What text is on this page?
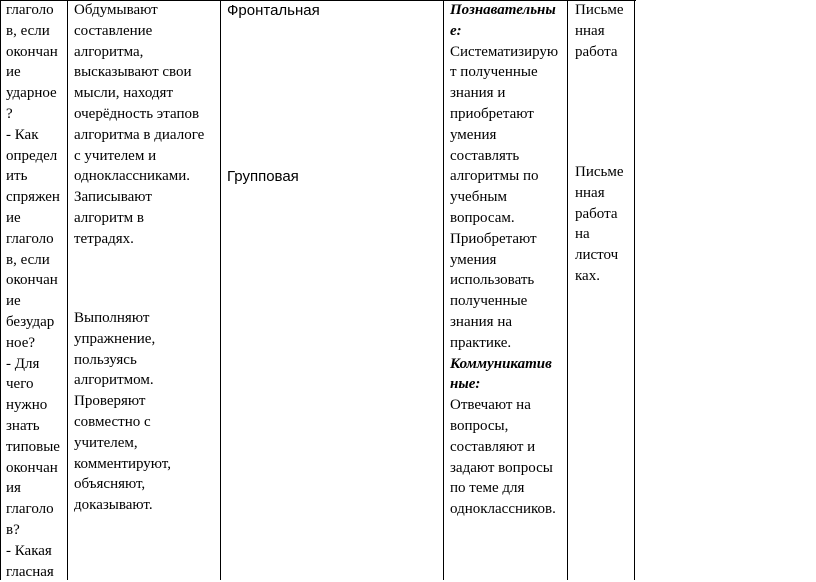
глаголо
в, если
окончан
ие
ударное
?
- Как
определ
ить
спряжен
ие
глаголо
в, если
окончан
ие
безудар
ное?
- Для
чего
нужно
знать
типовые
окончан
ия
глаголо
в?
- Какая
гласная
Обдумывают
составление
алгоритма,
высказывают свои
мысли, находят
очерёдность этапов
алгоритма в диалоге
с учителем и
одноклассниками.
Записывают
алгоритм в
тетрадях.
Выполняют
упражнение,
пользуясь
алгоритмом.
Проверяют
совместно с
учителем,
комментируют,
объясняют,
доказывают.
Фронтальная
Групповая
Познавательны
е:
Систематизирую
т полученные
знания и
приобретают
умения
составлять
алгоритмы по
учебным
вопросам.
Приобретают
умения
использовать
полученные
знания на
практике.
Коммуникатив
ные:
Отвечают на
вопросы,
составляют и
задают вопросы
по теме для
одноклассников.
Письме
нная
работа
Письме
нная
работа
на
листоч
ках.
